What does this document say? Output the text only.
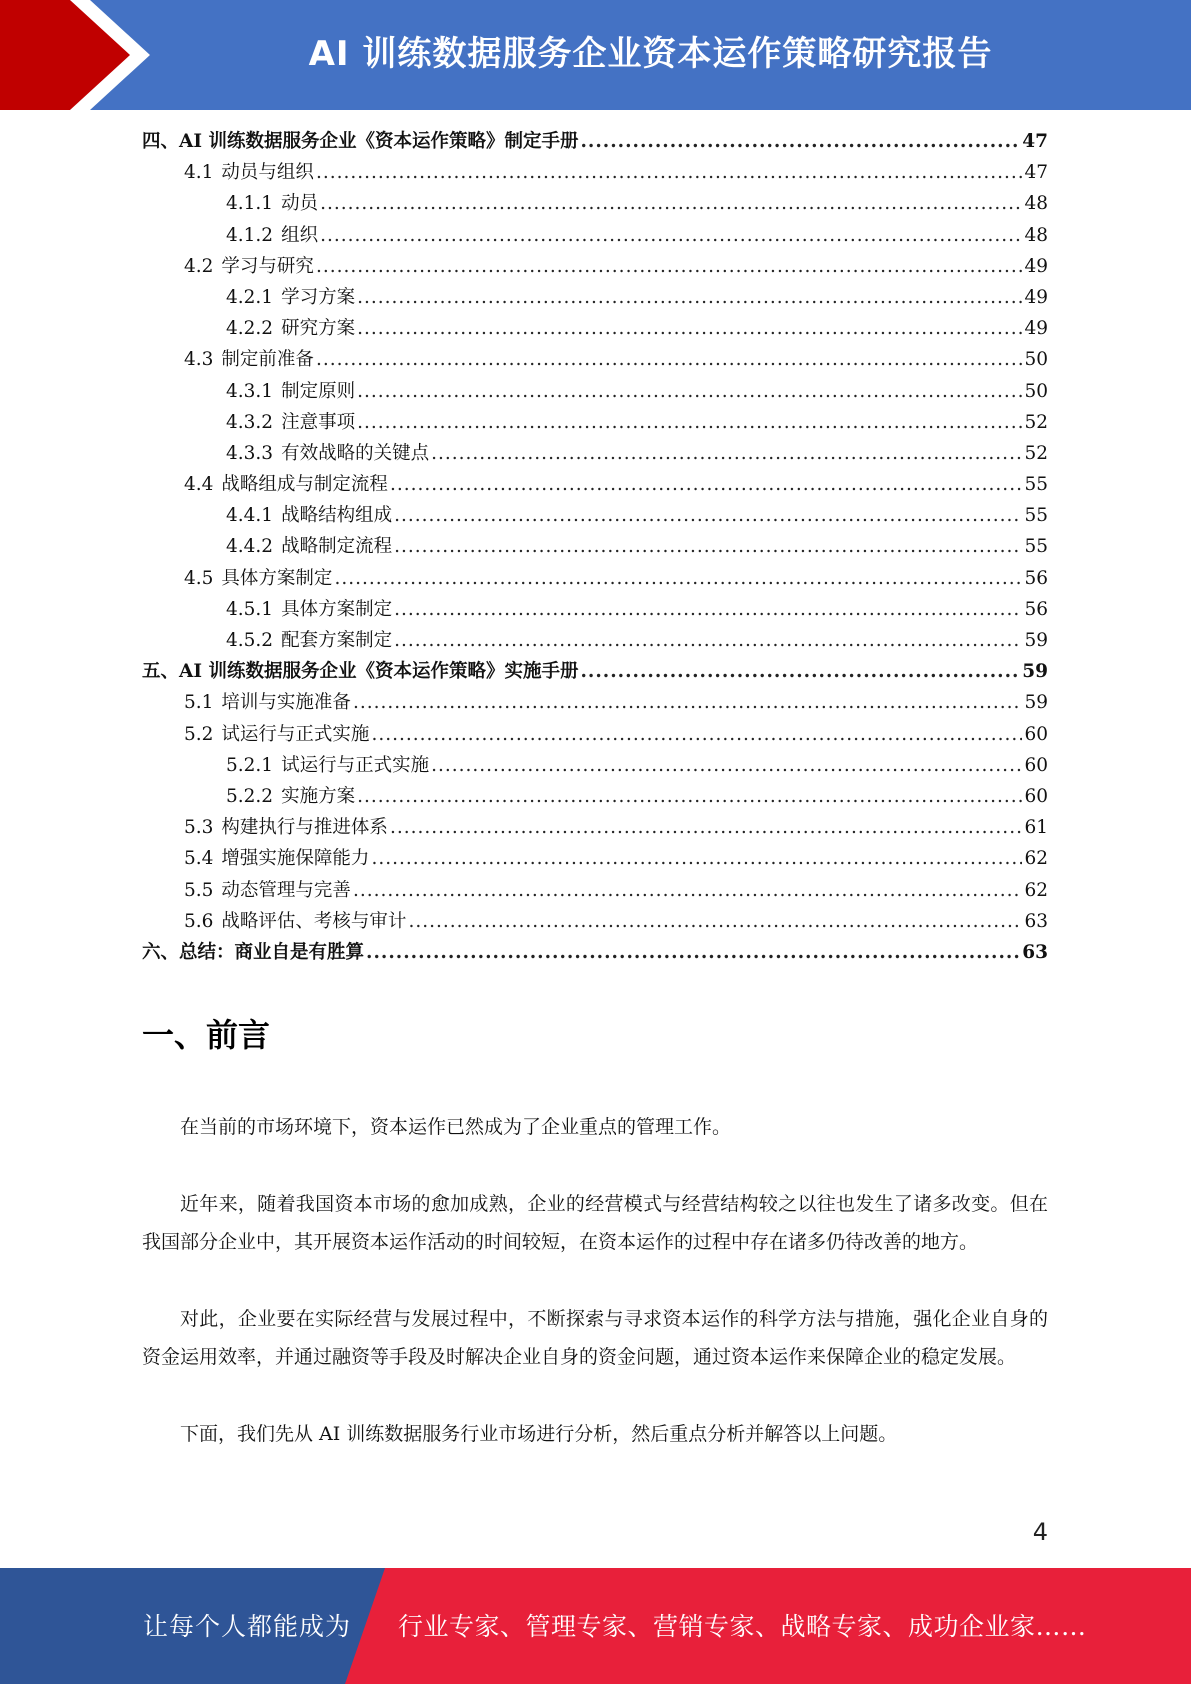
AI 训练数据服务企业资本运作策略研究报告
四、AI 训练数据服务企业《资本运作策略》制定手册 .....	47
4.1 动员与组织 .....	47
4.1.1 动员 .....	48
4.1.2 组织 .....	48
4.2 学习与研究 .....	49
4.2.1 学习方案 .....	49
4.2.2 研究方案 .....	49
4.3 制定前准备 .....	50
4.3.1 制定原则 .....	50
4.3.2 注意事项 .....	52
4.3.3 有效战略的关键点 .....	52
4.4 战略组成与制定流程 .....	55
4.4.1 战略结构组成 .....	55
4.4.2 战略制定流程 .....	55
4.5 具体方案制定 .....	56
4.5.1 具体方案制定 .....	56
4.5.2 配套方案制定 .....	59
五、AI 训练数据服务企业《资本运作策略》实施手册 .....	59
5.1 培训与实施准备 .....	59
5.2 试运行与正式实施 .....	60
5.2.1 试运行与正式实施 .....	60
5.2.2 实施方案 .....	60
5.3 构建执行与推进体系 .....	61
5.4 增强实施保障能力 .....	62
5.5 动态管理与完善 .....	62
5.6 战略评估、考核与审计 .....	63
六、总结：商业自是有胜算 .....	63
一、前言

在当前的市场环境下，资本运作已然成为了企业重点的管理工作。

近年来，随着我国资本市场的愈加成熟，企业的经营模式与经营结构较之以往也发生了诸多改变。但在我国部分企业中，其开展资本运作活动的时间较短，在资本运作的过程中存在诸多仍待改善的地方。

对此，企业要在实际经营与发展过程中，不断探索与寻求资本运作的科学方法与措施，强化企业自身的资金运用效率，并通过融资等手段及时解决企业自身的资金问题，通过资本运作来保障企业的稳定发展。

下面，我们先从 AI 训练数据服务行业市场进行分析，然后重点分析并解答以上问题。

4
让每个人都能成为 行业专家、管理专家、营销专家、战略专家、成功企业家……
